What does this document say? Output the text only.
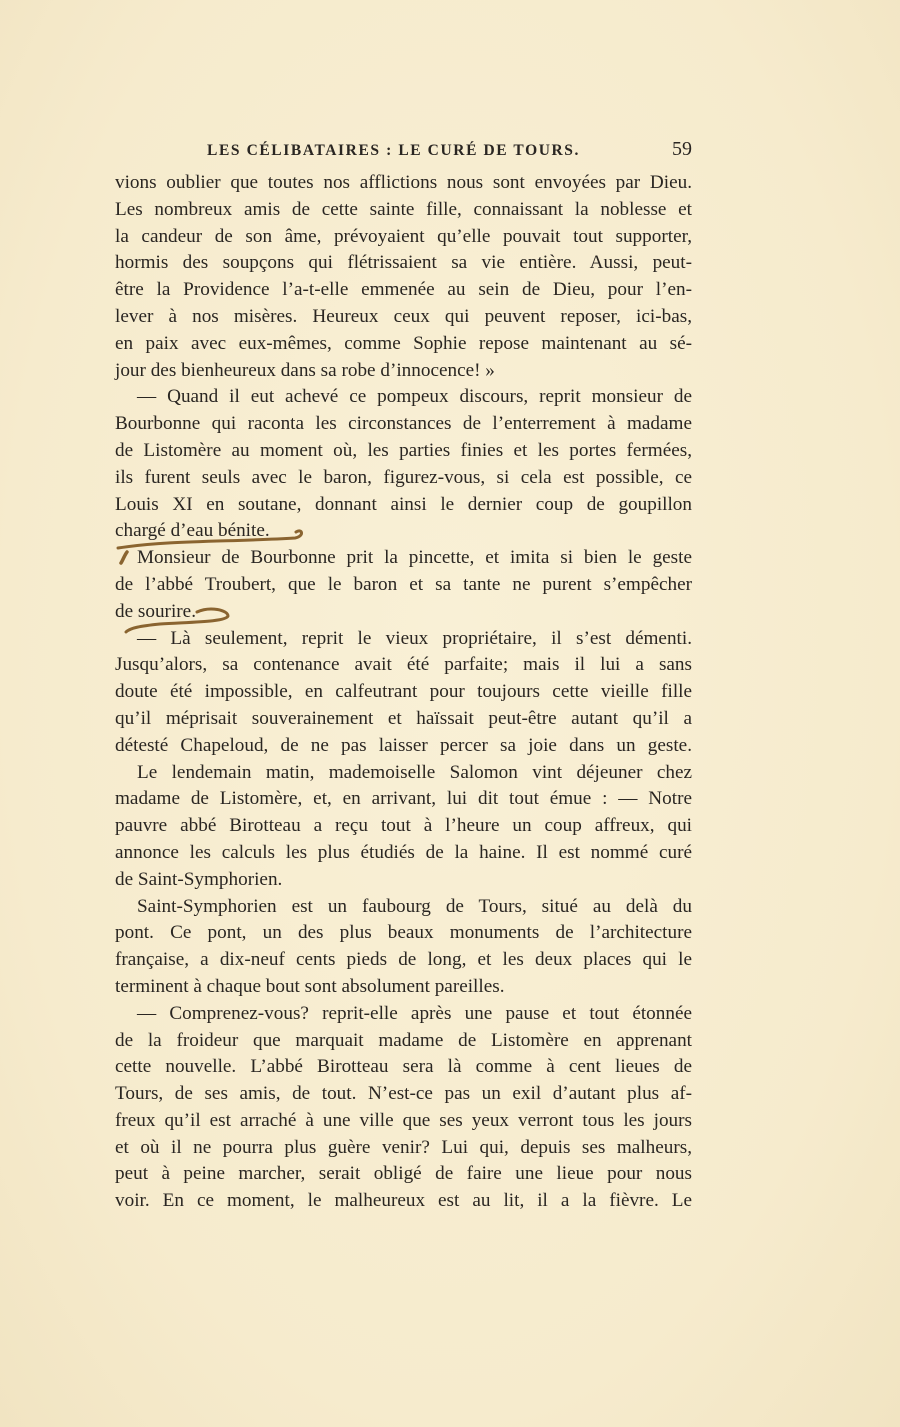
LES CÉLIBATAIRES : LE CURÉ DE TOURS.	59
vions oublier que toutes nos afflictions nous sont envoyées par Dieu.
Les nombreux amis de cette sainte fille, connaissant la noblesse et
la candeur de son âme, prévoyaient qu’elle pouvait tout supporter,
hormis des soupçons qui flétrissaient sa vie entière. Aussi, peut-
être la Providence l’a-t-elle emmenée au sein de Dieu, pour l’en-
lever à nos misères. Heureux ceux qui peuvent reposer, ici-bas,
en paix avec eux-mêmes, comme Sophie repose maintenant au sé-
jour des bienheureux dans sa robe d’innocence! »
— Quand il eut achevé ce pompeux discours, reprit monsieur de
Bourbonne qui raconta les circonstances de l’enterrement à madame
de Listomère au moment où, les parties finies et les portes fermées,
ils furent seuls avec le baron, figurez-vous, si cela est possible, ce
Louis XI en soutane, donnant ainsi le dernier coup de goupillon
chargé d’eau bénite.
Monsieur de Bourbonne prit la pincette, et imita si bien le geste
de l’abbé Troubert, que le baron et sa tante ne purent s’empêcher
de sourire.
— Là seulement, reprit le vieux propriétaire, il s’est démenti.
Jusqu’alors, sa contenance avait été parfaite; mais il lui a sans
doute été impossible, en calfeutrant pour toujours cette vieille fille
qu’il méprisait souverainement et haïssait peut-être autant qu’il a
détesté Chapeloud, de ne pas laisser percer sa joie dans un geste.
Le lendemain matin, mademoiselle Salomon vint déjeuner chez
madame de Listomère, et, en arrivant, lui dit tout émue : — Notre
pauvre abbé Birotteau a reçu tout à l’heure un coup affreux, qui
annonce les calculs les plus étudiés de la haine. Il est nommé curé
de Saint-Symphorien.
Saint-Symphorien est un faubourg de Tours, situé au delà du
pont. Ce pont, un des plus beaux monuments de l’architecture
française, a dix-neuf cents pieds de long, et les deux places qui le
terminent à chaque bout sont absolument pareilles.
— Comprenez-vous? reprit-elle après une pause et tout étonnée
de la froideur que marquait madame de Listomère en apprenant
cette nouvelle. L’abbé Birotteau sera là comme à cent lieues de
Tours, de ses amis, de tout. N’est-ce pas un exil d’autant plus af-
freux qu’il est arraché à une ville que ses yeux verront tous les jours
et où il ne pourra plus guère venir? Lui qui, depuis ses malheurs,
peut à peine marcher, serait obligé de faire une lieue pour nous
voir. En ce moment, le malheureux est au lit, il a la fièvre. Le
